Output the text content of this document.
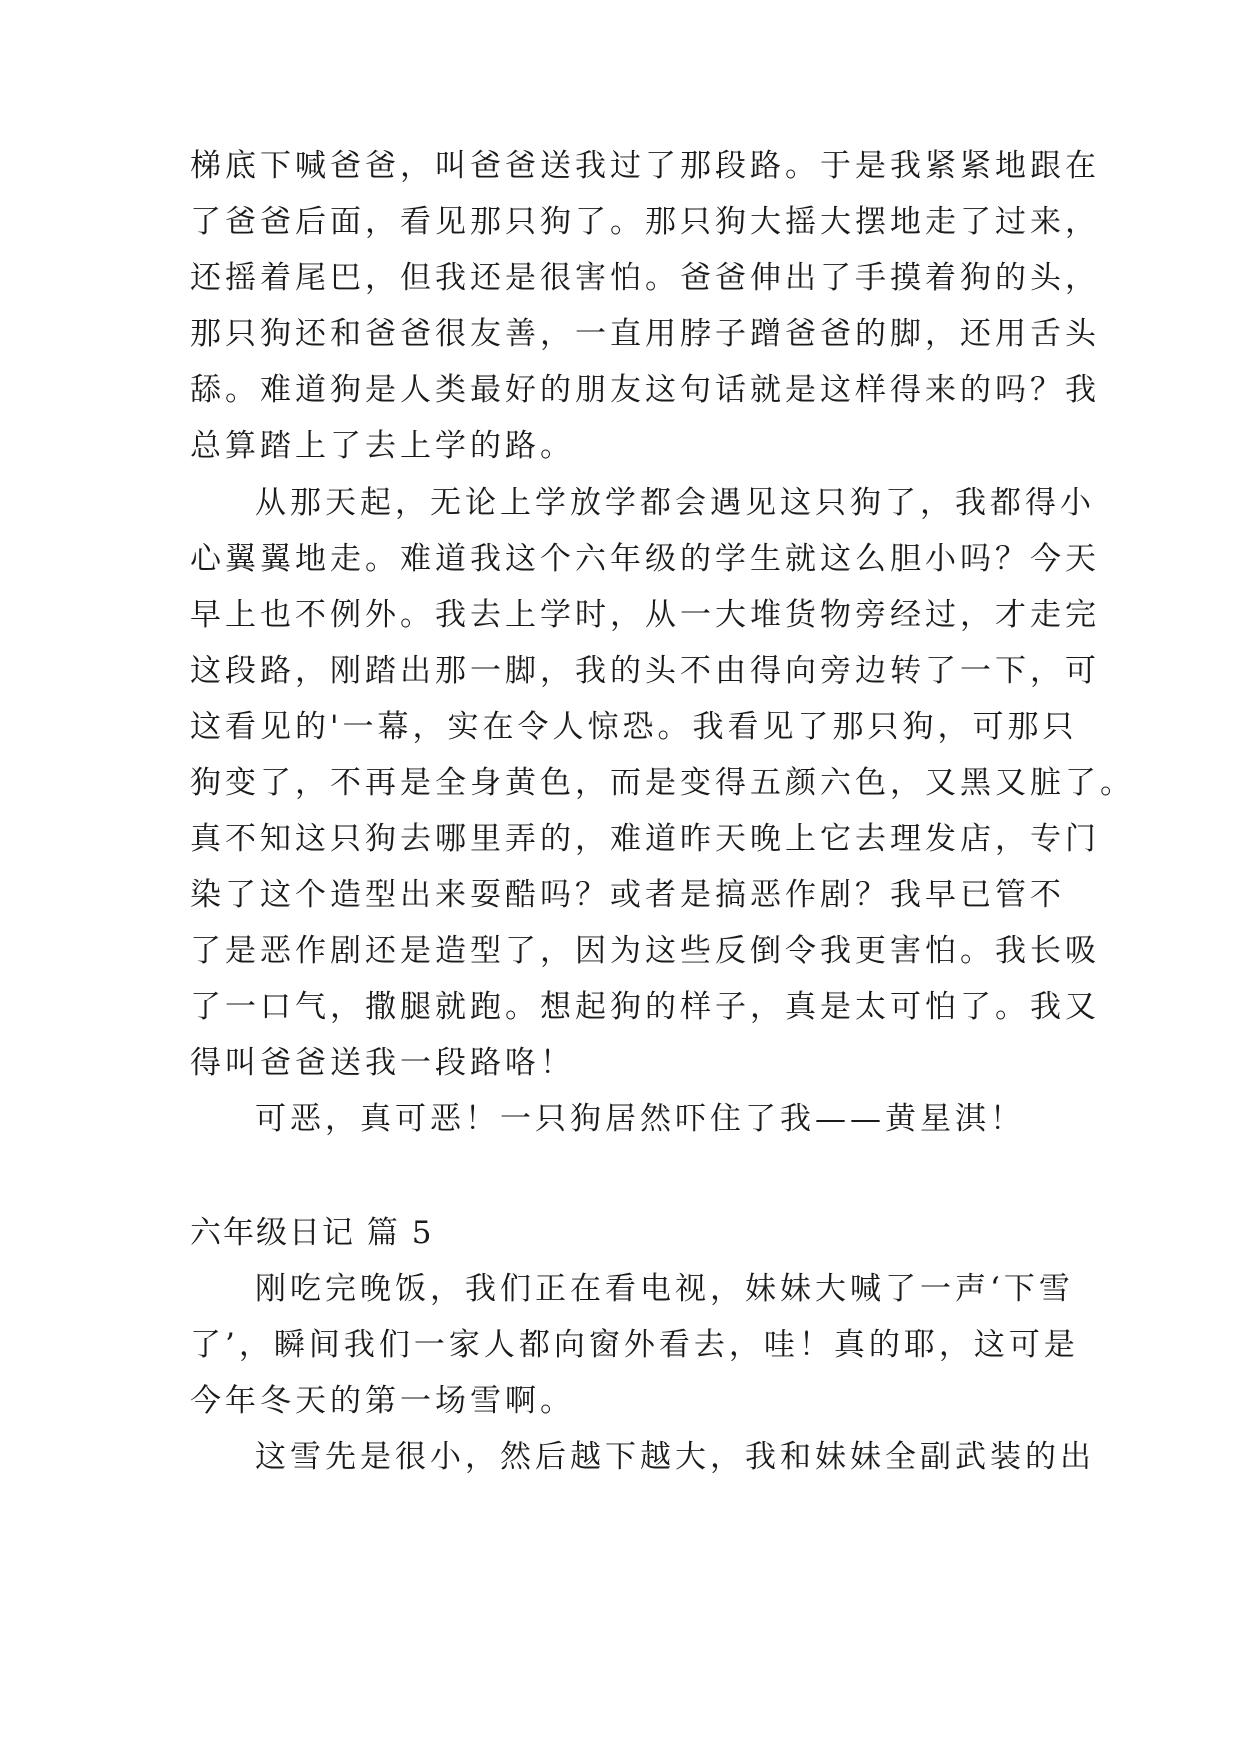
梯底下喊爸爸，叫爸爸送我过了那段路。于是我紧紧地跟在
了爸爸后面，看见那只狗了。那只狗大摇大摆地走了过来，
还摇着尾巴，但我还是很害怕。爸爸伸出了手摸着狗的头，
那只狗还和爸爸很友善，一直用脖子蹭爸爸的脚，还用舌头
舔。难道狗是人类最好的朋友这句话就是这样得来的吗？我
总算踏上了去上学的路。
从那天起，无论上学放学都会遇见这只狗了，我都得小
心翼翼地走。难道我这个六年级的学生就这么胆小吗？今天
早上也不例外。我去上学时，从一大堆货物旁经过，才走完
这段路，刚踏出那一脚，我的头不由得向旁边转了一下，可
这看见的'一幕，实在令人惊恐。我看见了那只狗，可那只
狗变了，不再是全身黄色，而是变得五颜六色，又黑又脏了。
真不知这只狗去哪里弄的，难道昨天晚上它去理发店，专门
染了这个造型出来耍酷吗？或者是搞恶作剧？我早已管不
了是恶作剧还是造型了，因为这些反倒令我更害怕。我长吸
了一口气，撒腿就跑。想起狗的样子，真是太可怕了。我又
得叫爸爸送我一段路咯！
可恶，真可恶！一只狗居然吓住了我——黄星淇！
六年级日记 篇 5
刚吃完晚饭，我们正在看电视，妹妹大喊了一声‘下雪
了’，瞬间我们一家人都向窗外看去，哇！真的耶，这可是
今年冬天的第一场雪啊。
这雪先是很小，然后越下越大，我和妹妹全副武装的出
